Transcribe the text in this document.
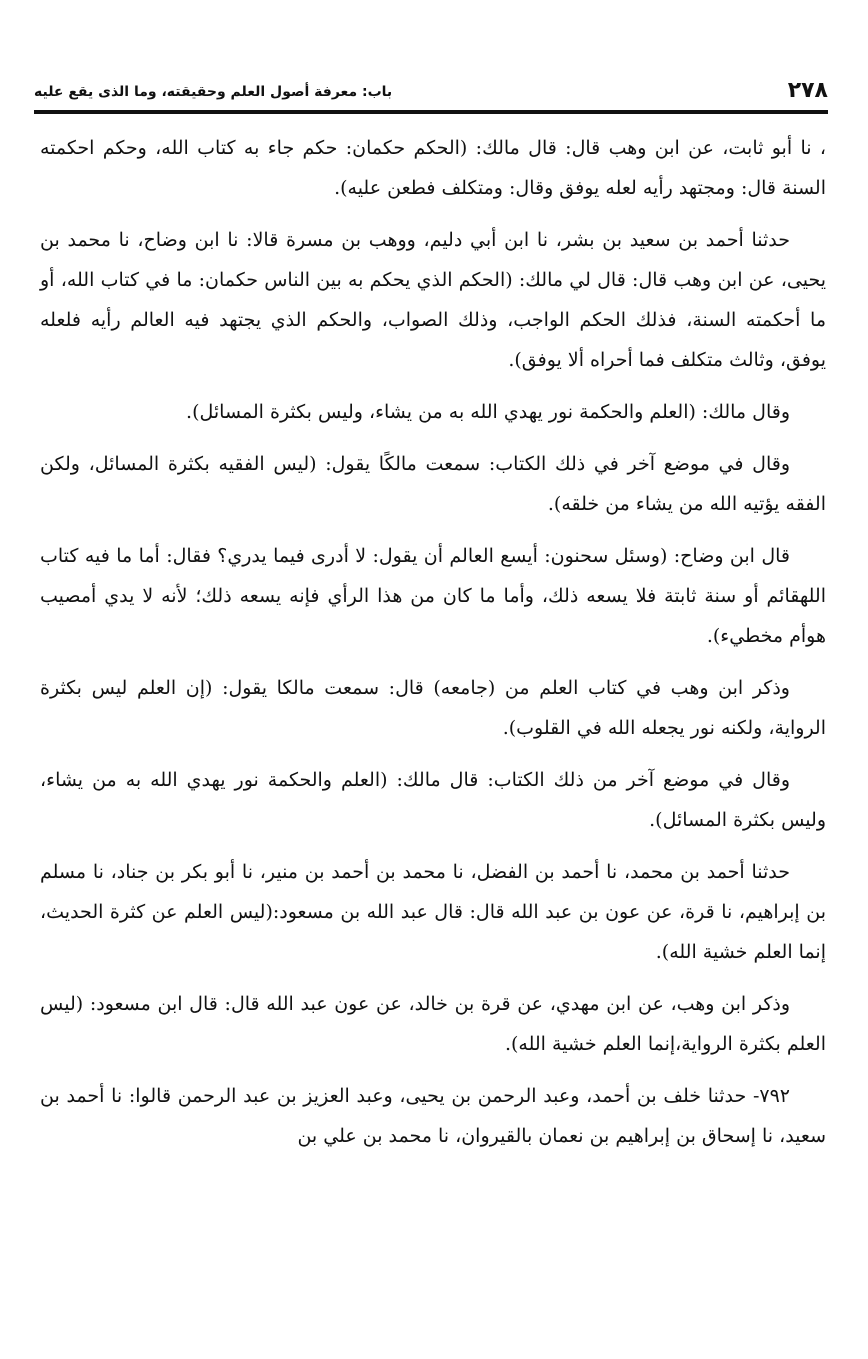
٢٧٨
باب: معرفة أصول العلم وحقيقته، وما الذى يقع عليه

، نا أبو ثابت، عن ابن وهب قال: قال مالك: (الحكم حكمان: حكم جاء به كتاب الله، وحكم احكمته السنة قال: ومجتهد رأيه لعله يوفق وقال: ومتكلف فطعن عليه).

حدثنا أحمد بن سعيد بن بشر، نا ابن أبي دليم، ووهب بن مسرة قالا: نا ابن وضاح، نا محمد بن يحيى، عن ابن وهب قال: قال لي مالك: (الحكم الذي يحكم به بين الناس حكمان: ما في كتاب الله، أو ما أحكمته السنة، فذلك الحكم الواجب، وذلك الصواب، والحكم الذي يجتهد فيه العالم رأيه فلعله يوفق، وثالث متكلف فما أحراه ألا يوفق).

وقال مالك: (العلم والحكمة نور يهدي الله به من يشاء، وليس بكثرة المسائل).

وقال في موضع آخر في ذلك الكتاب: سمعت مالكًا يقول: (ليس الفقيه بكثرة المسائل، ولكن الفقه يؤتيه الله من يشاء من خلقه).

قال ابن وضاح: (وسئل سحنون: أيسع العالم أن يقول: لا أدرى فيما يدري؟ فقال: أما ما فيه كتاب اللهقائم أو سنة ثابتة فلا يسعه ذلك، وأما ما كان من هذا الرأي فإنه يسعه ذلك؛ لأنه لا يدي أمصيب هوأم مخطيء).

وذكر ابن وهب في كتاب العلم من (جامعه) قال: سمعت مالكا يقول: (إن العلم ليس بكثرة الرواية، ولكنه نور يجعله الله في القلوب).

وقال في موضع آخر من ذلك الكتاب: قال مالك: (العلم والحكمة نور يهدي الله به من يشاء، وليس بكثرة المسائل).

حدثنا أحمد بن محمد، نا أحمد بن الفضل، نا محمد بن أحمد بن منير، نا أبو بكر بن جناد، نا مسلم بن إبراهيم، نا قرة، عن عون بن عبد الله قال: قال عبد الله بن مسعود:(ليس العلم عن كثرة الحديث، إنما العلم خشية الله).

وذكر ابن وهب، عن ابن مهدي، عن قرة بن خالد، عن عون عبد الله قال: قال ابن مسعود: (ليس العلم بكثرة الرواية،إنما العلم خشية الله).

٧٩٢- حدثنا خلف بن أحمد، وعبد الرحمن بن يحيى، وعبد العزيز بن عبد الرحمن قالوا: نا أحمد بن سعيد، نا إسحاق بن إبراهيم بن نعمان بالقيروان، نا محمد بن علي بن
